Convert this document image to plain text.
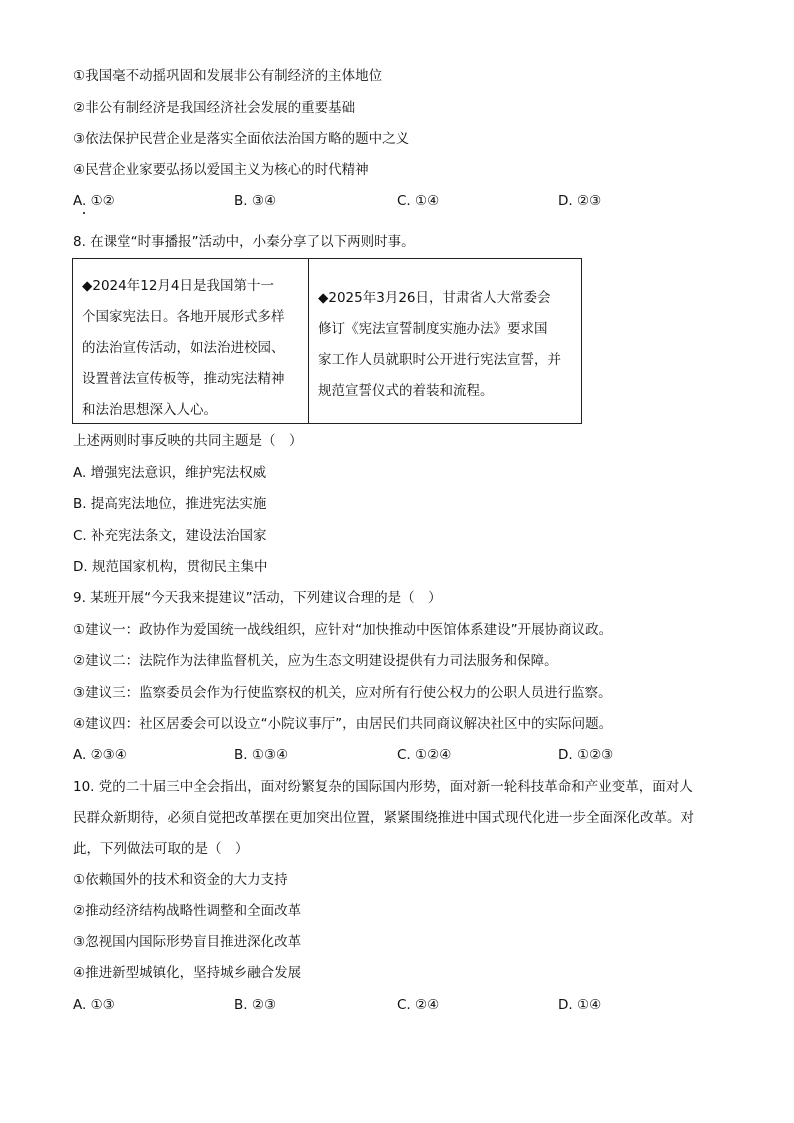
①我国毫不动摇巩固和发展非公有制经济的主体地位
②非公有制经济是我国经济社会发展的重要基础
③依法保护民营企业是落实全面依法治国方略的题中之义
④民营企业家要弘扬以爱国主义为核心的时代精神
A. ①②	B. ③④	C. ①④	D. ②③
8. 在课堂“时事播报”活动中，小秦分享了以下两则时事。
◆2024年12月4日是我国第十一
个国家宪法日。各地开展形式多样
的法治宣传活动，如法治进校园、
设置普法宣传板等，推动宪法精神
和法治思想深入人心。
◆2025年3月26日，甘肃省人大常委会
修订《宪法宣誓制度实施办法》要求国
家工作人员就职时公开进行宪法宣誓，并
规范宣誓仪式的着装和流程。
上述两则时事反映的共同主题是（　）
A. 增强宪法意识，维护宪法权威
B. 提高宪法地位，推进宪法实施
C. 补充宪法条文，建设法治国家
D. 规范国家机构，贯彻民主集中
9. 某班开展“今天我来提建议”活动，下列建议合理的是（　）
①建议一：政协作为爱国统一战线组织，应针对“加快推动中医馆体系建设”开展协商议政。
②建议二：法院作为法律监督机关，应为生态文明建设提供有力司法服务和保障。
③建议三：监察委员会作为行使监察权的机关，应对所有行使公权力的公职人员进行监察。
④建议四：社区居委会可以设立“小院议事厅”，由居民们共同商议解决社区中的实际问题。
A. ②③④	B. ①③④	C. ①②④	D. ①②③
10. 党的二十届三中全会指出，面对纷繁复杂的国际国内形势，面对新一轮科技革命和产业变革，面对人
民群众新期待，必须自觉把改革摆在更加突出位置，紧紧围绕推进中国式现代化进一步全面深化改革。对
此，下列做法可取的是（　）
①依赖国外的技术和资金的大力支持
②推动经济结构战略性调整和全面改革
③忽视国内国际形势盲目推进深化改革
④推进新型城镇化，坚持城乡融合发展
A. ①③	B. ②③	C. ②④	D. ①④
